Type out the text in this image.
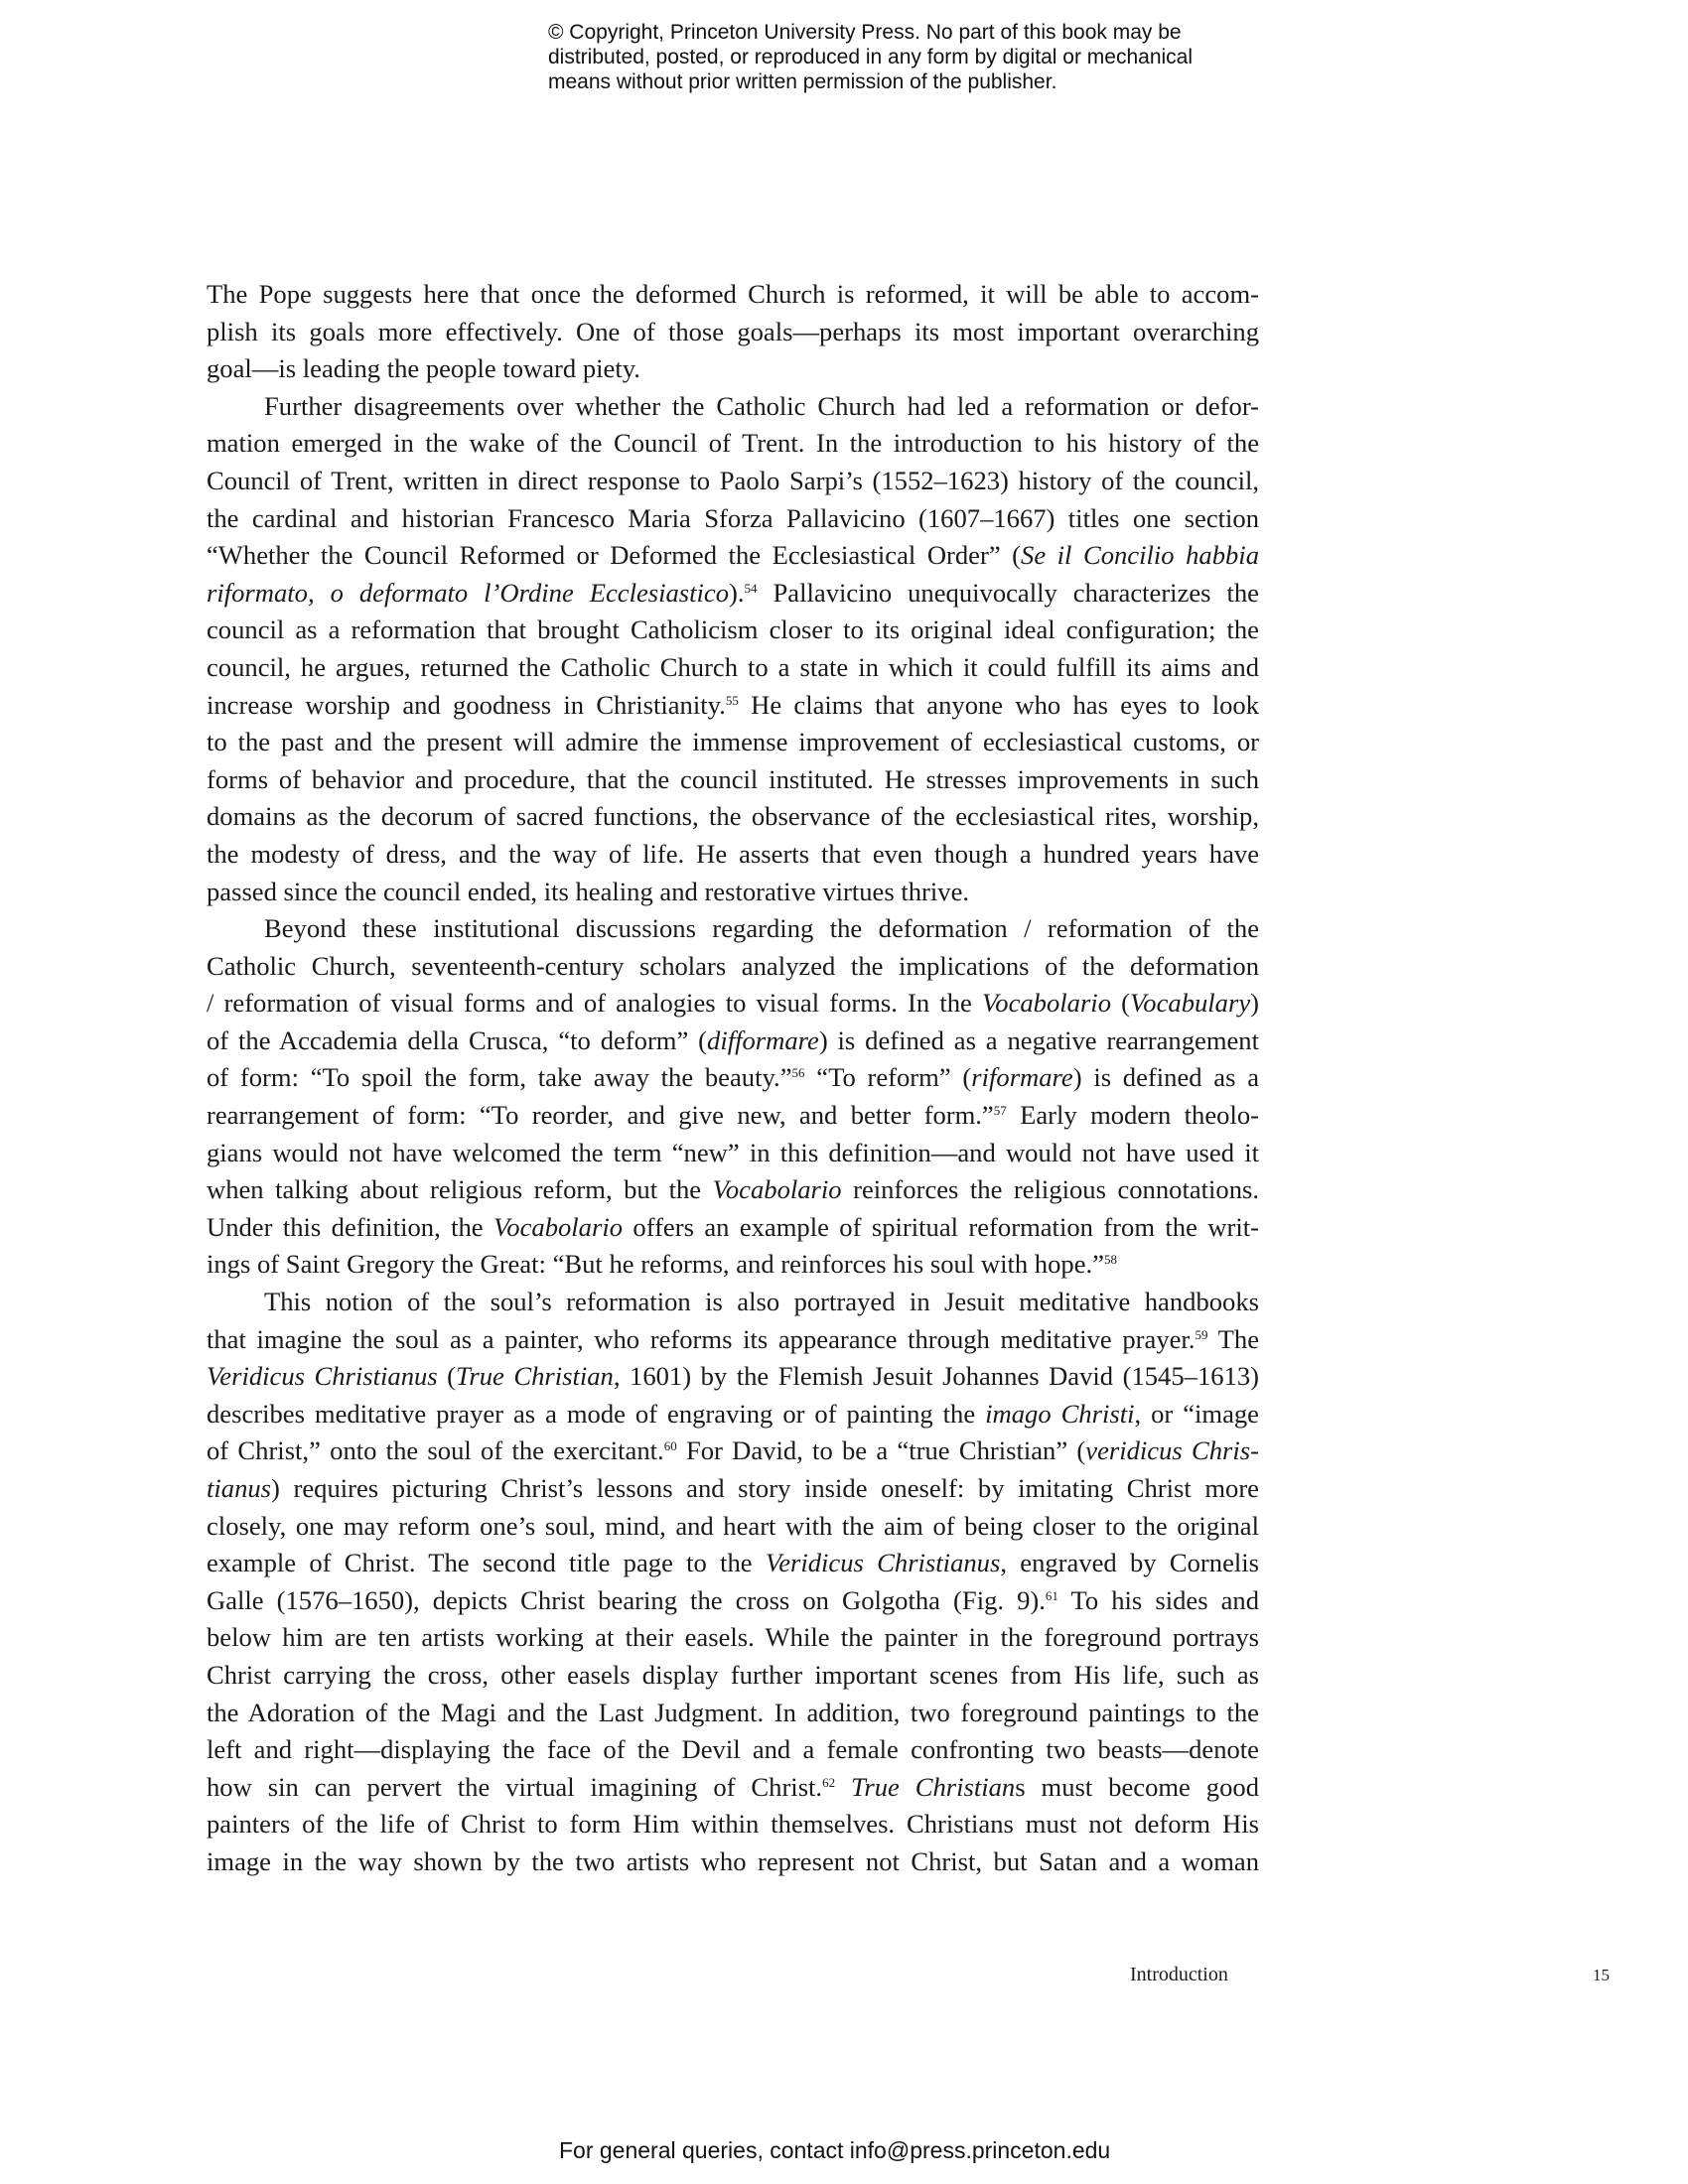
© Copyright, Princeton University Press. No part of this book may be
distributed, posted, or reproduced in any form by digital or mechanical
means without prior written permission of the publisher.
The Pope suggests here that once the deformed Church is reformed, it will be able to accom-
plish its goals more effectively. One of those goals—perhaps its most important overarching
goal—is leading the people toward piety.
Further disagreements over whether the Catholic Church had led a reformation or defor-
mation emerged in the wake of the Council of Trent. In the introduction to his history of the
Council of Trent, written in direct response to Paolo Sarpi’s (1552–1623) history of the council,
the cardinal and historian Francesco Maria Sforza Pallavicino (1607–1667) titles one section
“Whether the Council Reformed or Deformed the Ecclesiastical Order” (Se il Concilio habbia
riformato, o deformato l’Ordine Ecclesiastico).$^{54}$ Pallavicino unequivocally characterizes the
council as a reformation that brought Catholicism closer to its original ideal configuration; the
council, he argues, returned the Catholic Church to a state in which it could fulfill its aims and
increase worship and goodness in Christianity.$^{55}$ He claims that anyone who has eyes to look
to the past and the present will admire the immense improvement of ecclesiastical customs, or
forms of behavior and procedure, that the council instituted. He stresses improvements in such
domains as the decorum of sacred functions, the observance of the ecclesiastical rites, worship,
the modesty of dress, and the way of life. He asserts that even though a hundred years have
passed since the council ended, its healing and restorative virtues thrive.
Beyond these institutional discussions regarding the deformation / reformation of the
Catholic Church, seventeenth-century scholars analyzed the implications of the deformation
/ reformation of visual forms and of analogies to visual forms. In the Vocabolario (Vocabulary)
of the Accademia della Crusca, “to deform” (difformare) is defined as a negative rearrangement
of form: “To spoil the form, take away the beauty.”$^{56}$ “To reform” (riformare) is defined as a
rearrangement of form: “To reorder, and give new, and better form.”$^{57}$ Early modern theolo-
gians would not have welcomed the term “new” in this definition—and would not have used it
when talking about religious reform, but the Vocabolario reinforces the religious connotations.
Under this definition, the Vocabolario offers an example of spiritual reformation from the writ-
ings of Saint Gregory the Great: “But he reforms, and reinforces his soul with hope.”$^{58}$
This notion of the soul’s reformation is also portrayed in Jesuit meditative handbooks
that imagine the soul as a painter, who reforms its appearance through meditative prayer.$^{59}$ The
Veridicus Christianus (True Christian, 1601) by the Flemish Jesuit Johannes David (1545–1613)
describes meditative prayer as a mode of engraving or of painting the imago Christi, or “image
of Christ,” onto the soul of the exercitant.$^{60}$ For David, to be a “true Christian” (veridicus Chris-
tianus) requires picturing Christ’s lessons and story inside oneself: by imitating Christ more
closely, one may reform one’s soul, mind, and heart with the aim of being closer to the original
example of Christ. The second title page to the Veridicus Christianus, engraved by Cornelis
Galle (1576–1650), depicts Christ bearing the cross on Golgotha (Fig. 9).$^{61}$ To his sides and
below him are ten artists working at their easels. While the painter in the foreground portrays
Christ carrying the cross, other easels display further important scenes from His life, such as
the Adoration of the Magi and the Last Judgment. In addition, two foreground paintings to the
left and right—displaying the face of the Devil and a female confronting two beasts—denote
how sin can pervert the virtual imagining of Christ.$^{62}$ True Christians must become good
painters of the life of Christ to form Him within themselves. Christians must not deform His
image in the way shown by the two artists who represent not Christ, but Satan and a woman
Introduction	15
For general queries, contact info@press.princeton.edu
